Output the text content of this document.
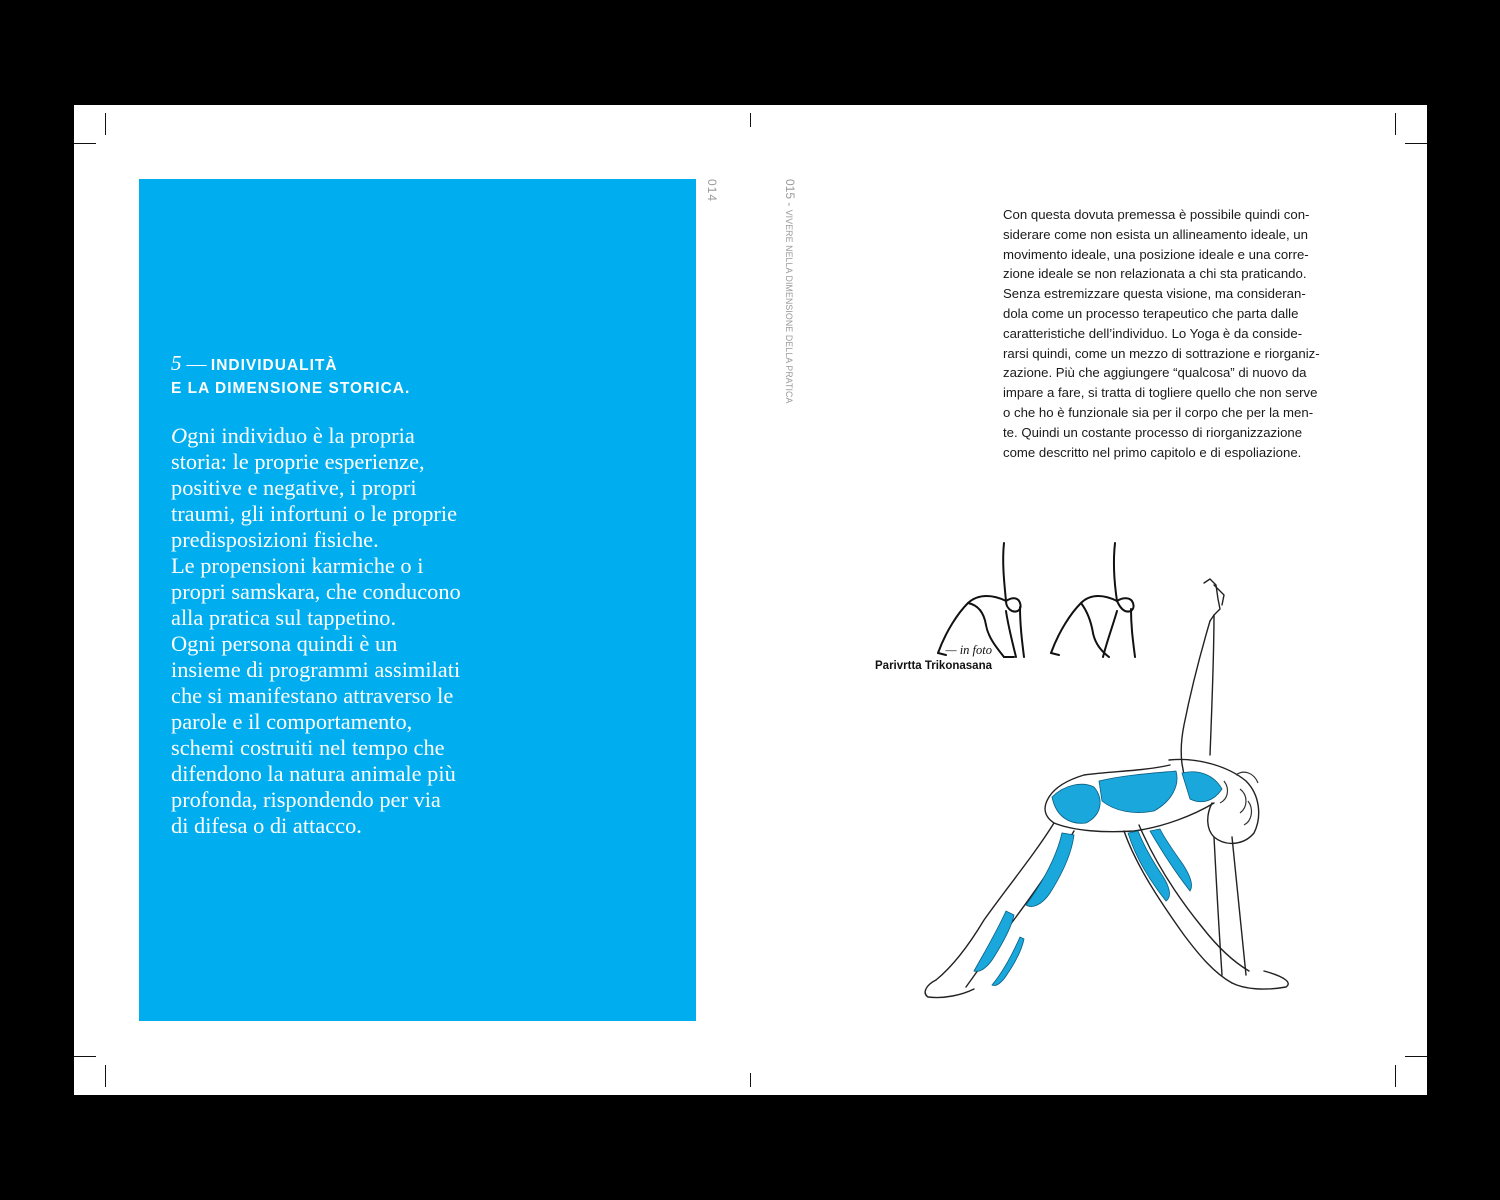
5 — INDIVIDUALITÀ
E LA DIMENSIONE STORICA.
Ogni individuo è la propria
storia: le proprie esperienze,
positive e negative, i propri
traumi, gli infortuni o le proprie
predisposizioni fisiche.
Le propensioni karmiche o i
propri samskara, che conducono
alla pratica sul tappetino.
Ogni persona quindi è un
insieme di programmi assimilati
che si manifestano attraverso le
parole e il comportamento,
schemi costruiti nel tempo che
difendono la natura animale più
profonda, rispondendo per via
di difesa o di attacco.
014	015 - VIVERE NELLA DIMENSIONE DELLA PRATICA	Con questa dovuta premessa è possibile quindi con-
siderare come non esista un allineamento ideale, un
movimento ideale, una posizione ideale e una corre-
zione ideale se non relazionata a chi sta praticando.
Senza estremizzare questa visione, ma consideran-
dola come un processo terapeutico che parta dalle
caratteristiche dell’individuo. Lo Yoga è da conside-
rarsi quindi, come un mezzo di sottrazione e riorganiz-
zazione. Più che aggiungere “qualcosa” di nuovo da
impare a fare, si tratta di togliere quello che non serve
o che ho è funzionale sia per il corpo che per la men-
te. Quindi un costante processo di riorganizzazione
come descritto nel primo capitolo e di espoliazione.
— in foto
Parivrtta Trikonasana
